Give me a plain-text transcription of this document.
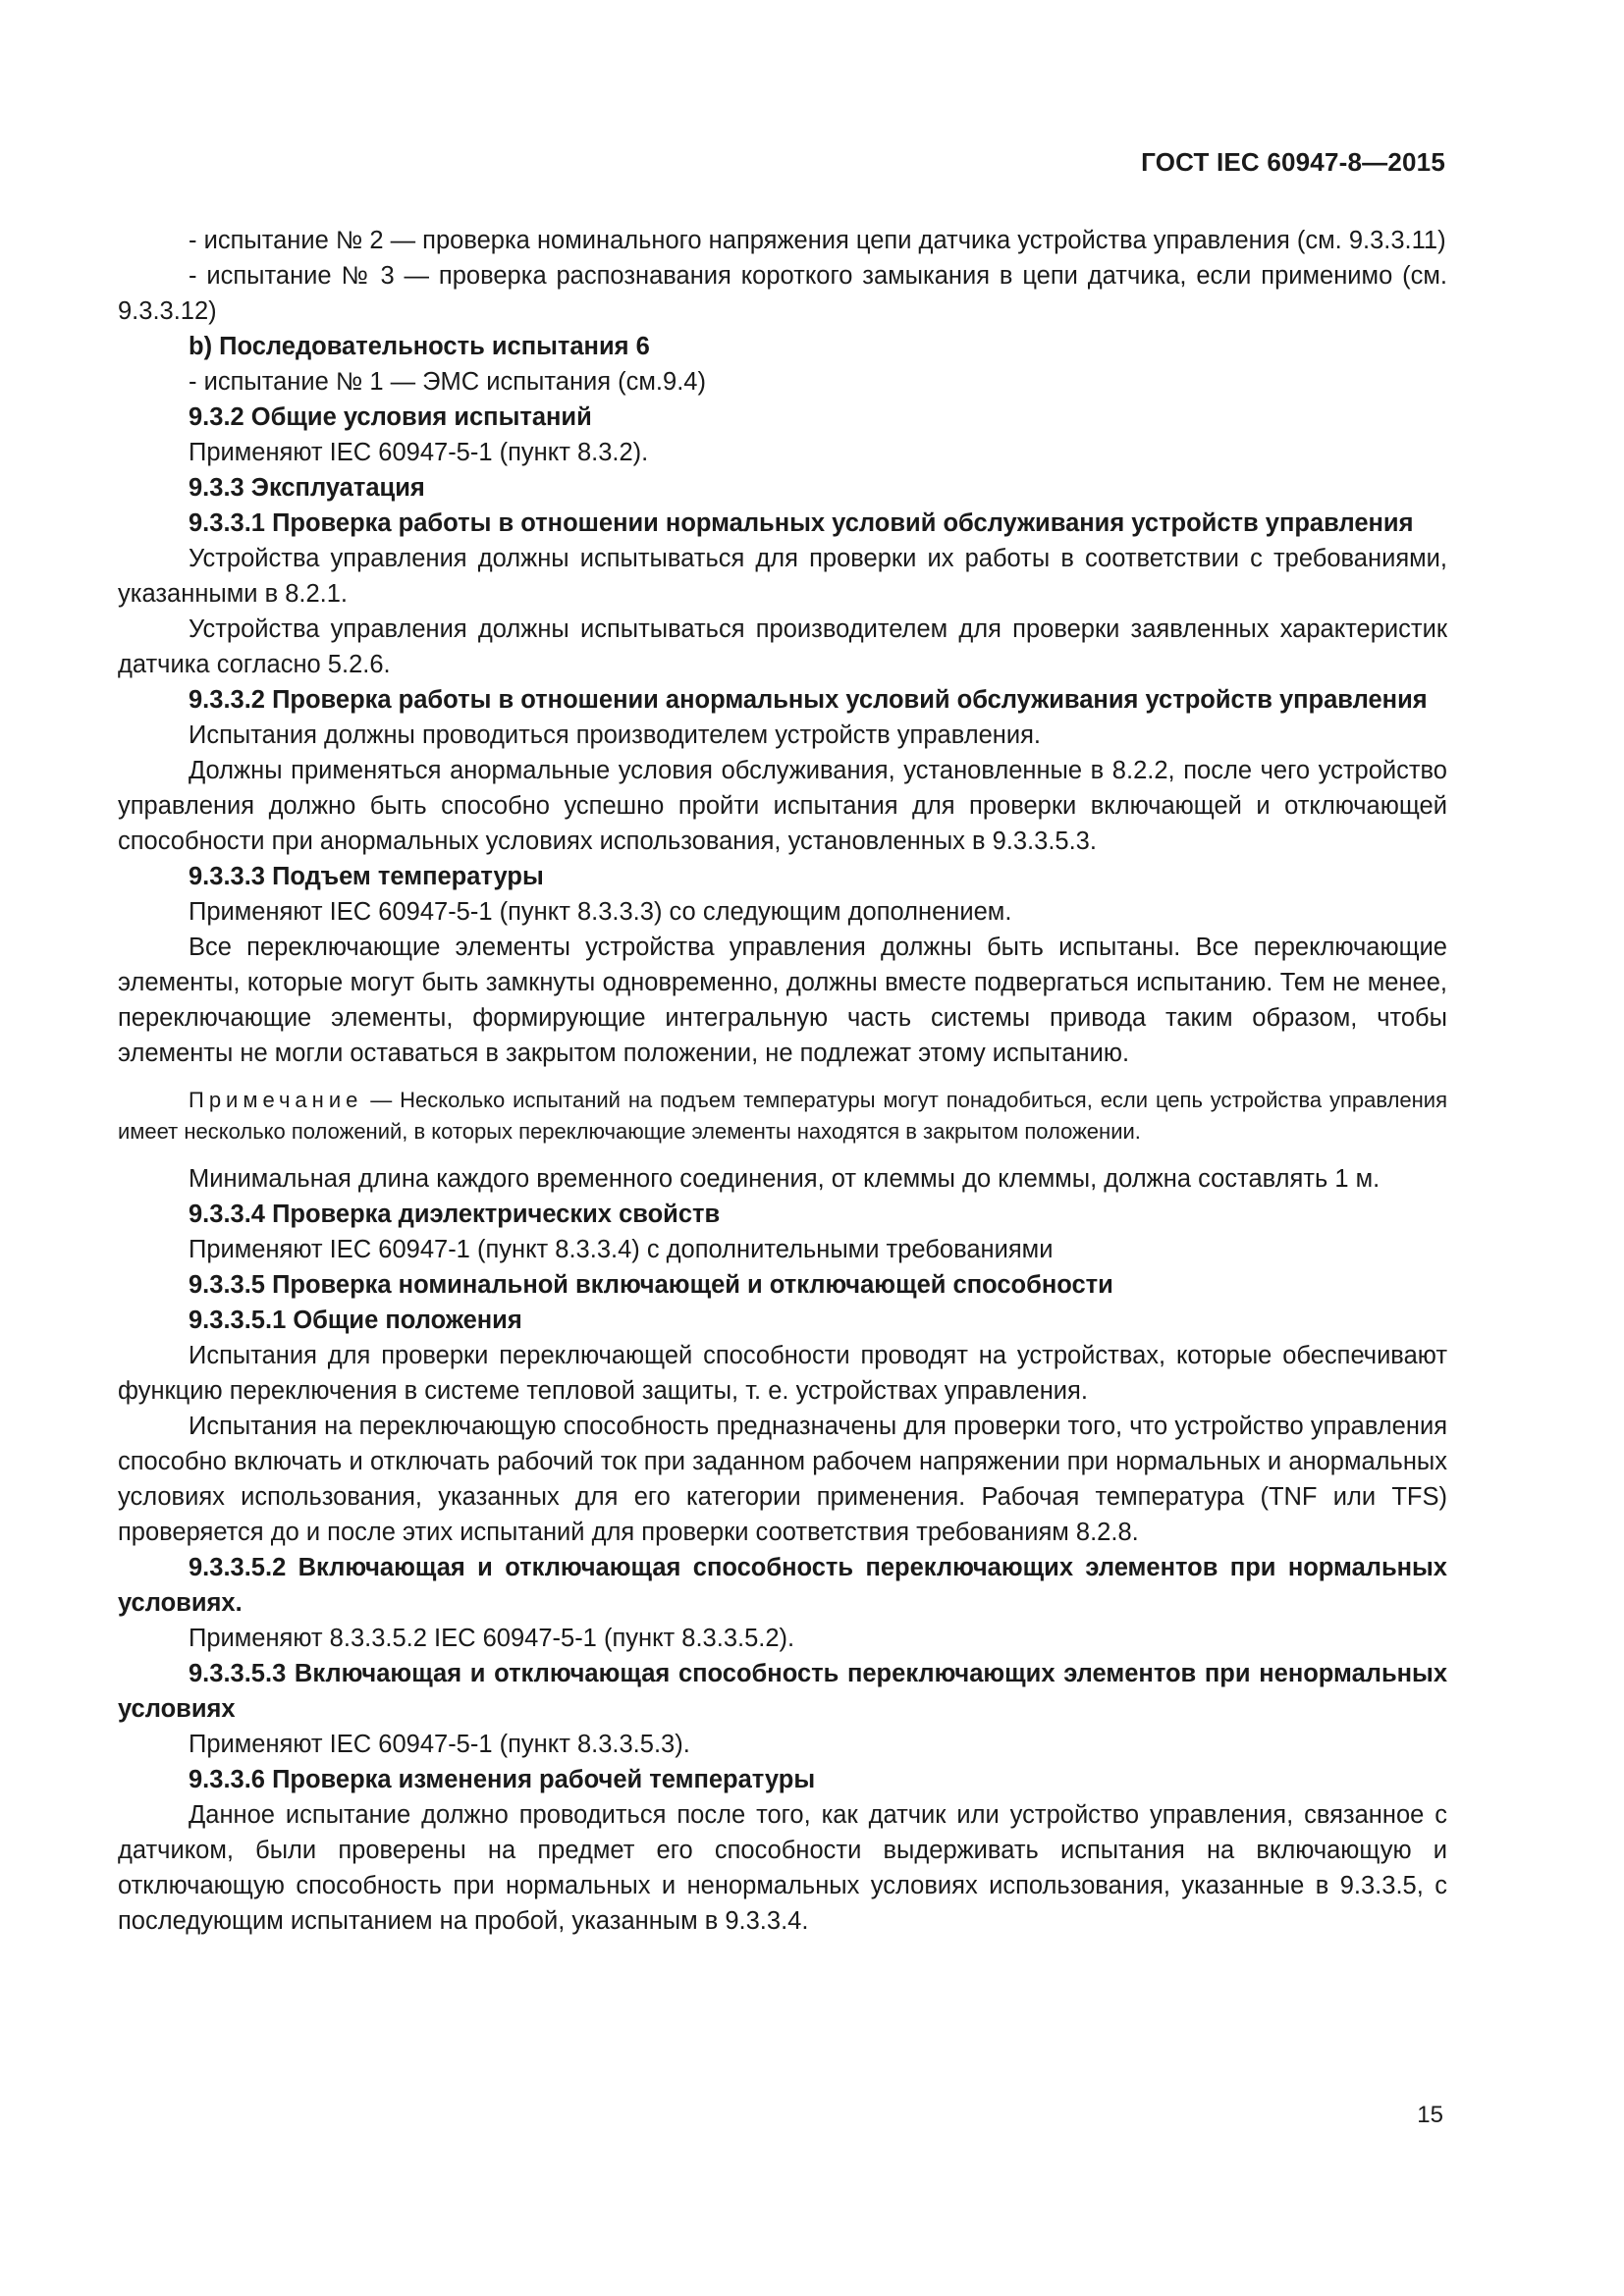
ГОСТ IEC 60947-8—2015

- испытание № 2 — проверка номинального напряжения цепи датчика устройства управления (см. 9.3.3.11)

- испытание № 3 — проверка распознавания короткого замыкания в цепи датчика, если применимо (см. 9.3.3.12)

b) Последовательность испытания 6

- испытание № 1 — ЭМС испытания (см.9.4)

9.3.2 Общие условия испытаний

Применяют IEC 60947-5-1 (пункт 8.3.2).

9.3.3 Эксплуатация

9.3.3.1 Проверка работы в отношении нормальных условий обслуживания устройств управления

Устройства управления должны испытываться для проверки их работы в соответствии с требованиями, указанными в 8.2.1.

Устройства управления должны испытываться производителем для проверки заявленных характеристик датчика согласно 5.2.6.

9.3.3.2 Проверка работы в отношении анормальных условий обслуживания устройств управления

Испытания должны проводиться производителем устройств управления.

Должны применяться анормальные условия обслуживания, установленные в 8.2.2, после чего устройство управления должно быть способно успешно пройти испытания для проверки включающей и отключающей способности при анормальных условиях использования, установленных в 9.3.3.5.3.

9.3.3.3 Подъем температуры

Применяют IEC 60947-5-1 (пункт 8.3.3.3) со следующим дополнением.

Все переключающие элементы устройства управления должны быть испытаны. Все переключающие элементы, которые могут быть замкнуты одновременно, должны вместе подвергаться испытанию. Тем не менее, переключающие элементы, формирующие интегральную часть системы привода таким образом, чтобы элементы не могли оставаться в закрытом положении, не подлежат этому испытанию.

Примечание — Несколько испытаний на подъем температуры могут понадобиться, если цепь устройства управления имеет несколько положений, в которых переключающие элементы находятся в закрытом положении.

Минимальная длина каждого временного соединения, от клеммы до клеммы, должна составлять 1 м.

9.3.3.4 Проверка диэлектрических свойств

Применяют IEC 60947-1 (пункт 8.3.3.4) с дополнительными требованиями

9.3.3.5 Проверка номинальной включающей и отключающей способности

9.3.3.5.1 Общие положения

Испытания для проверки переключающей способности проводят на устройствах, которые обеспечивают функцию переключения в системе тепловой защиты, т. е. устройствах управления.

Испытания на переключающую способность предназначены для проверки того, что устройство управления способно включать и отключать рабочий ток при заданном рабочем напряжении при нормальных и анормальных условиях использования, указанных для его категории применения. Рабочая температура (TNF или TFS) проверяется до и после этих испытаний для проверки соответствия требованиям 8.2.8.

9.3.3.5.2 Включающая и отключающая способность переключающих элементов при нормальных условиях.

Применяют 8.3.3.5.2 IEC 60947-5-1 (пункт 8.3.3.5.2).

9.3.3.5.3 Включающая и отключающая способность переключающих элементов при ненормальных условиях

Применяют IEC 60947-5-1 (пункт 8.3.3.5.3).

9.3.3.6 Проверка изменения рабочей температуры

Данное испытание должно проводиться после того, как датчик или устройство управления, связанное с датчиком, были проверены на предмет его способности выдерживать испытания на включающую и отключающую способность при нормальных и ненормальных условиях использования, указанные в 9.3.3.5, с последующим испытанием на пробой, указанным в 9.3.3.4.

15
